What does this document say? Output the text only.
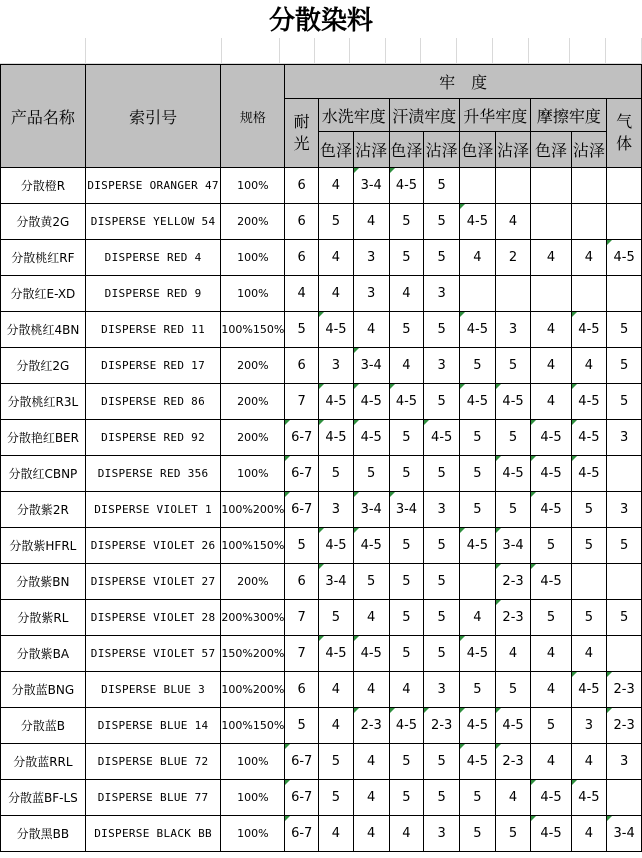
分散染料
产品名称	索引号	规格	牢　度									
			耐光	水洗牢度		汗渍牢度		升华牢度		摩擦牢度		气体
				色泽	沾泽	色泽	沾泽	色泽	沾泽	色泽	沾泽	
分散橙R	DISPERSE ORANGER 47	100%	6	4	3-4	4-5	5					
分散黄2G	DISPERSE YELLOW 54	200%	6	5	4	5	5	4-5	4			
分散桃红RF	DISPERSE RED 4	100%	6	4	3	5	5	4	2	4	4	4-5
分散红E-XD	DISPERSE RED 9	100%	4	4	3	4	3					
分散桃红4BN	DISPERSE RED 11	100%150%	5	4-5	4	5	5	4-5	3	4	4-5	5
分散红2G	DISPERSE RED 17	200%	6	3	3-4	4	3	5	5	4	4	5
分散桃红R3L	DISPERSE RED 86	200%	7	4-5	4-5	4-5	5	4-5	4-5	4	4-5	5
分散艳红BER	DISPERSE RED 92	200%	6-7	4-5	4-5	5	4-5	5	5	4-5	4-5	3
分散红CBNP	DISPERSE RED 356	100%	6-7	5	5	5	5	5	4-5	4-5	4-5	
分散紫2R	DISPERSE VIOLET 1	100%200%	6-7	3	3-4	3-4	3	5	5	4-5	5	3
分散紫HFRL	DISPERSE VIOLET 26	100%150%	5	4-5	4-5	5	5	4-5	3-4	5	5	5
分散紫BN	DISPERSE VIOLET 27	200%	6	3-4	5	5	5		2-3	4-5		
分散紫RL	DISPERSE VIOLET 28	200%300%	7	5	4	5	5	4	2-3	5	5	5
分散紫BA	DISPERSE VIOLET 57	150%200%	7	4-5	4-5	5	5	4-5	4	4	4	
分散蓝BNG	DISPERSE BLUE 3	100%200%	6	4	4	4	3	5	5	4	4-5	2-3
分散蓝B	DISPERSE BLUE 14	100%150%	5	4	2-3	4-5	2-3	4-5	4-5	5	3	2-3
分散蓝RRL	DISPERSE BLUE 72	100%	6-7	5	4	5	5	4-5	2-3	4	4	3
分散蓝BF-LS	DISPERSE BLUE 77	100%	6-7	5	4	5	5	5	4	4-5	4-5	
分散黑BB	DISPERSE BLACK BB	100%	6-7	4	4	4	3	5	5	4-5	4	3-4
